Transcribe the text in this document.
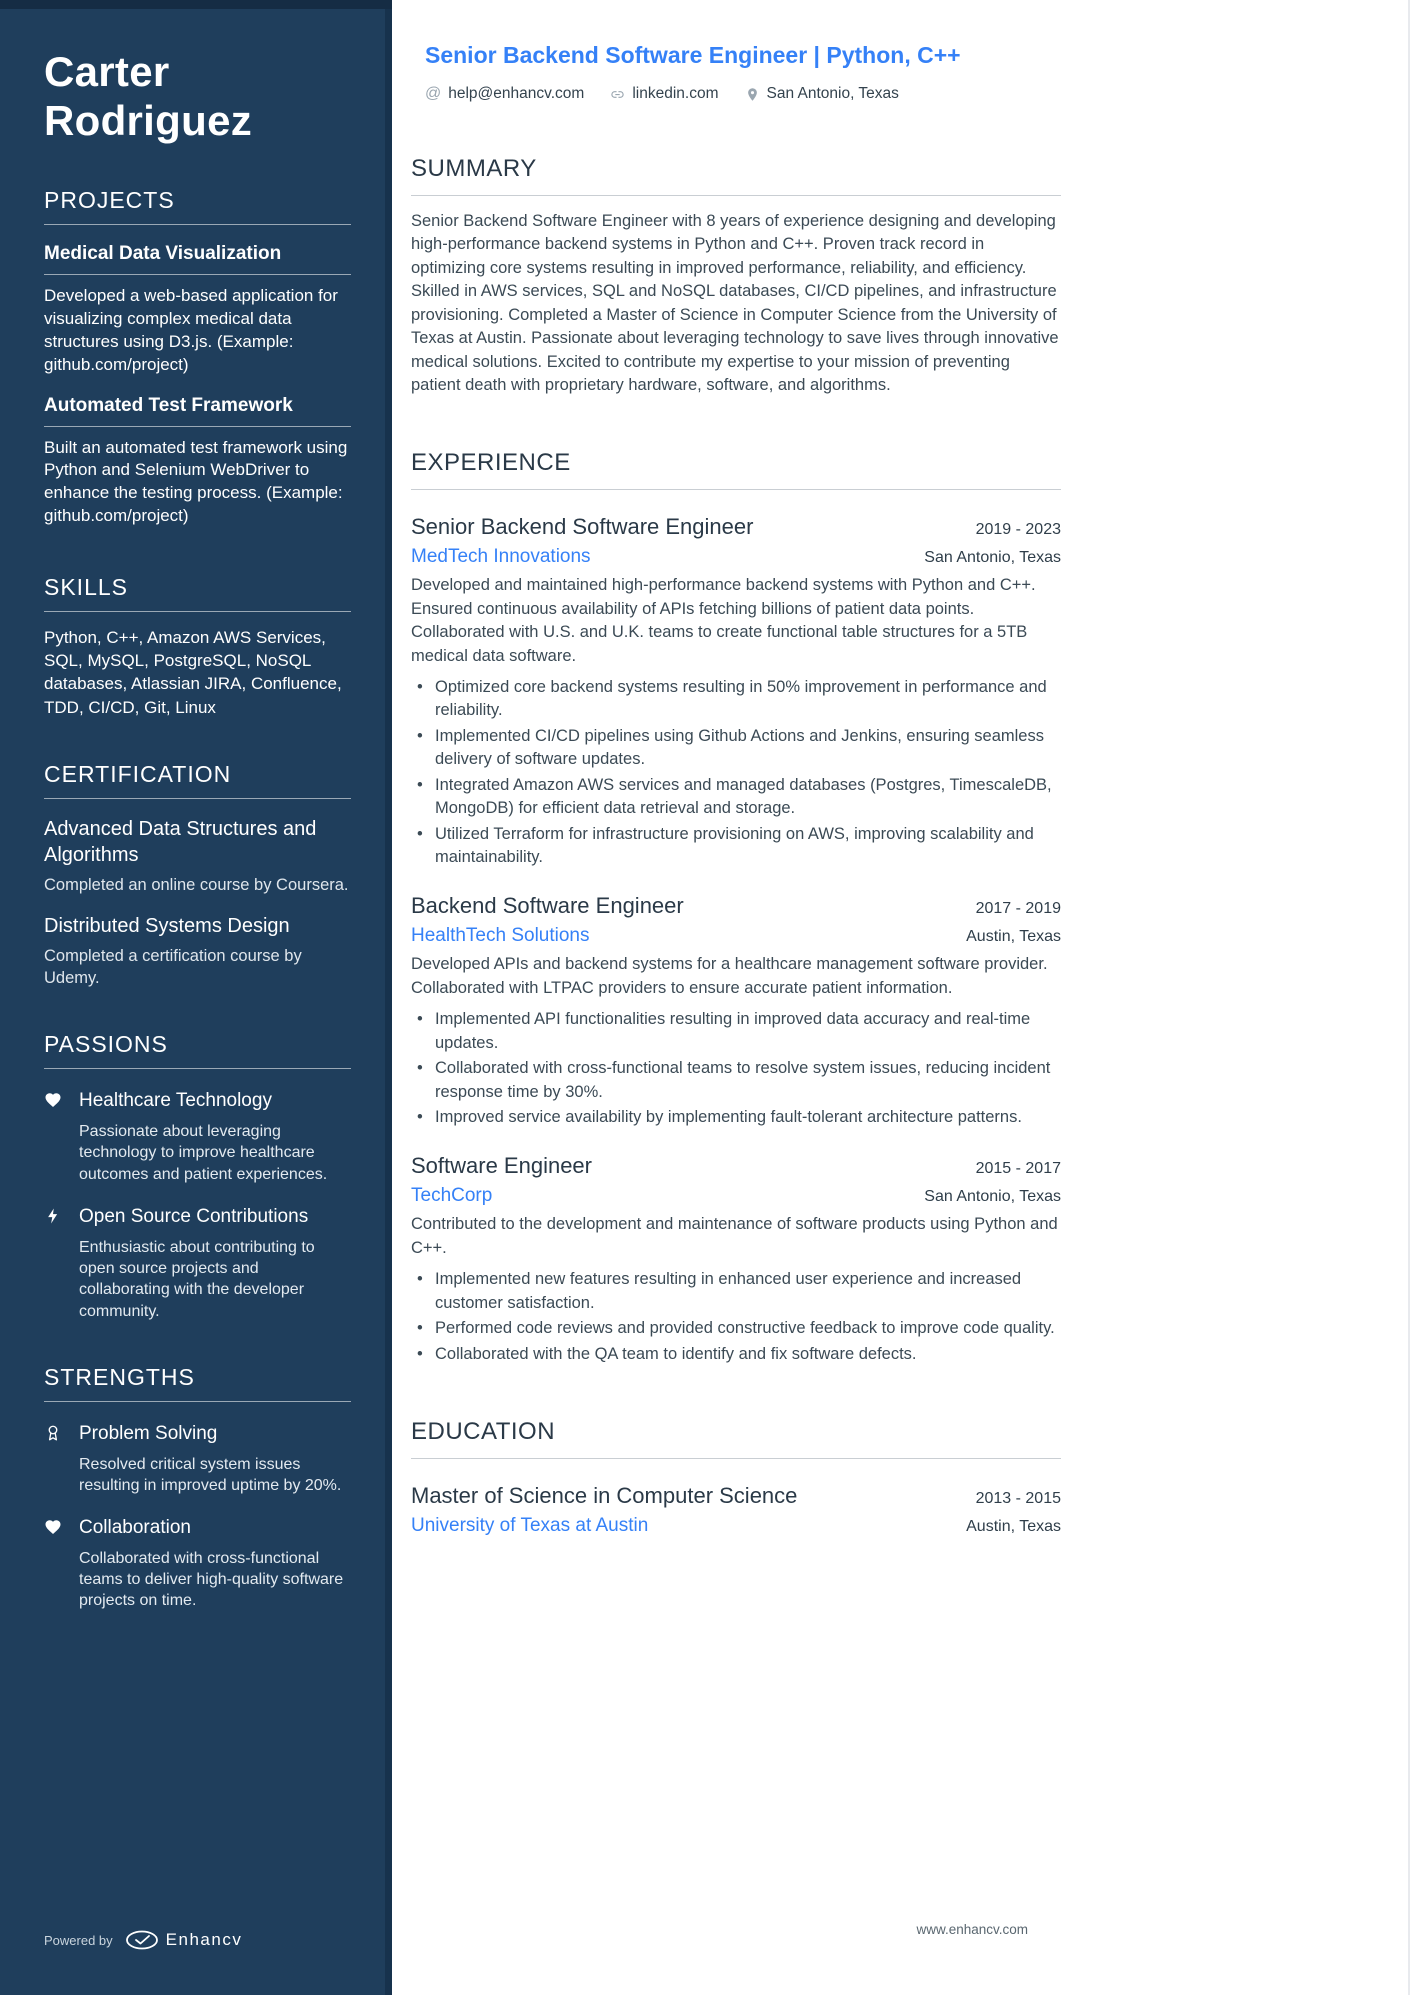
Carter Rodriguez
PROJECTS
Medical Data Visualization

Developed a web-based application for visualizing complex medical data structures using D3.js. (Example: github.com/project)

Automated Test Framework

Built an automated test framework using Python and Selenium WebDriver to enhance the testing process. (Example: github.com/project)

SKILLS

Python, C++, Amazon AWS Services, SQL, MySQL, PostgreSQL, NoSQL databases, Atlassian JIRA, Confluence, TDD, CI/CD, Git, Linux

CERTIFICATION
Advanced Data Structures and Algorithms

Completed an online course by Coursera.

Distributed Systems Design

Completed a certification course by Udemy.

PASSIONS
Healthcare Technology

Passionate about leveraging technology to improve healthcare outcomes and patient experiences.

Open Source Contributions

Enthusiastic about contributing to open source projects and collaborating with the developer community.

STRENGTHS
Problem Solving

Resolved critical system issues resulting in improved uptime by 20%.

Collaboration

Collaborated with cross-functional teams to deliver high-quality software projects on time.

Powered by	Enhancv
Senior Backend Software Engineer | Python, C++
@ help@enhancv.com	linkedin.com	San Antonio, Texas
SUMMARY

Senior Backend Software Engineer with 8 years of experience designing and developing high-performance backend systems in Python and C++. Proven track record in optimizing core systems resulting in improved performance, reliability, and efficiency. Skilled in AWS services, SQL and NoSQL databases, CI/CD pipelines, and infrastructure provisioning. Completed a Master of Science in Computer Science from the University of Texas at Austin. Passionate about leveraging technology to save lives through innovative medical solutions. Excited to contribute my expertise to your mission of preventing patient death with proprietary hardware, software, and algorithms.

EXPERIENCE
Senior Backend Software Engineer	2019 - 2023
MedTech Innovations	San Antonio, Texas

Developed and maintained high-performance backend systems with Python and C++. Ensured continuous availability of APIs fetching billions of patient data points. Collaborated with U.S. and U.K. teams to create functional table structures for a 5TB medical data software.

• Optimized core backend systems resulting in 50% improvement in performance and reliability.
• Implemented CI/CD pipelines using Github Actions and Jenkins, ensuring seamless delivery of software updates.
• Integrated Amazon AWS services and managed databases (Postgres, TimescaleDB, MongoDB) for efficient data retrieval and storage.
• Utilized Terraform for infrastructure provisioning on AWS, improving scalability and maintainability.
Backend Software Engineer	2017 - 2019
HealthTech Solutions	Austin, Texas

Developed APIs and backend systems for a healthcare management software provider. Collaborated with LTPAC providers to ensure accurate patient information.

• Implemented API functionalities resulting in improved data accuracy and real-time updates.
• Collaborated with cross-functional teams to resolve system issues, reducing incident response time by 30%.
• Improved service availability by implementing fault-tolerant architecture patterns.
Software Engineer	2015 - 2017
TechCorp	San Antonio, Texas

Contributed to the development and maintenance of software products using Python and C++.

• Implemented new features resulting in enhanced user experience and increased customer satisfaction.
• Performed code reviews and provided constructive feedback to improve code quality.
• Collaborated with the QA team to identify and fix software defects.
EDUCATION
Master of Science in Computer Science	2013 - 2015
University of Texas at Austin	Austin, Texas
www.enhancv.com
